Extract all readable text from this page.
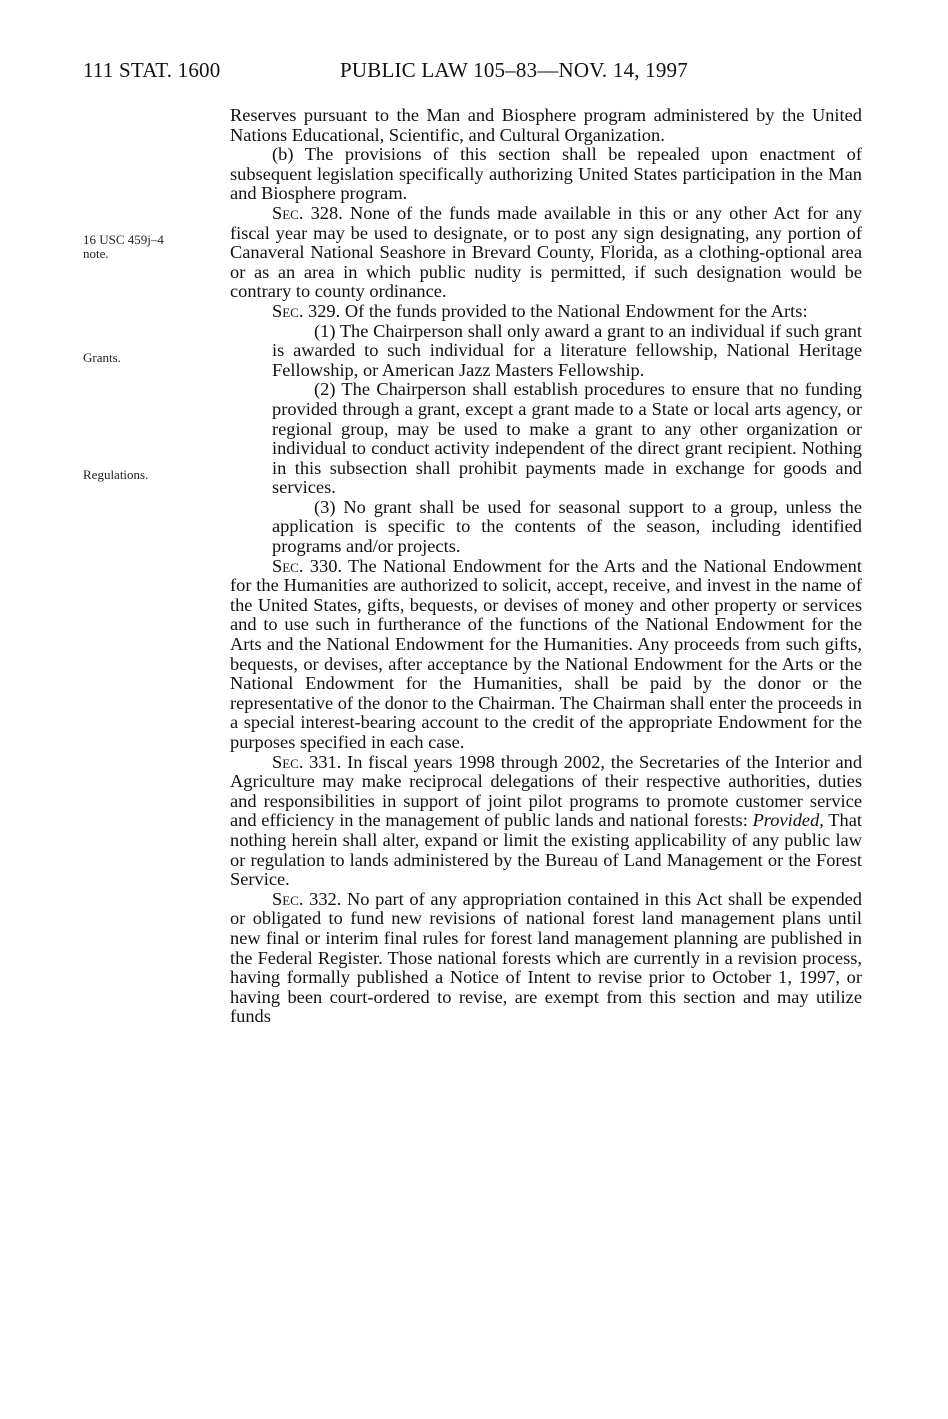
111 STAT. 1600	PUBLIC LAW 105–83—NOV. 14, 1997
16 USC 459j–4
note.
Grants.
Regulations.

Reserves pursuant to the Man and Biosphere program administered by the United Nations Educational, Scientific, and Cultural Organization.

(b) The provisions of this section shall be repealed upon enactment of subsequent legislation specifically authorizing United States participation in the Man and Biosphere program.

Sec. 328. None of the funds made available in this or any other Act for any fiscal year may be used to designate, or to post any sign designating, any portion of Canaveral National Seashore in Brevard County, Florida, as a clothing-optional area or as an area in which public nudity is permitted, if such designation would be contrary to county ordinance.

Sec. 329. Of the funds provided to the National Endowment for the Arts:

(1) The Chairperson shall only award a grant to an individual if such grant is awarded to such individual for a literature fellowship, National Heritage Fellowship, or American Jazz Masters Fellowship.

(2) The Chairperson shall establish procedures to ensure that no funding provided through a grant, except a grant made to a State or local arts agency, or regional group, may be used to make a grant to any other organization or individual to conduct activity independent of the direct grant recipient. Nothing in this subsection shall prohibit payments made in exchange for goods and services.

(3) No grant shall be used for seasonal support to a group, unless the application is specific to the contents of the season, including identified programs and/or projects.

Sec. 330. The National Endowment for the Arts and the National Endowment for the Humanities are authorized to solicit, accept, receive, and invest in the name of the United States, gifts, bequests, or devises of money and other property or services and to use such in furtherance of the functions of the National Endowment for the Arts and the National Endowment for the Humanities. Any proceeds from such gifts, bequests, or devises, after acceptance by the National Endowment for the Arts or the National Endowment for the Humanities, shall be paid by the donor or the representative of the donor to the Chairman. The Chairman shall enter the proceeds in a special interest-bearing account to the credit of the appropriate Endowment for the purposes specified in each case.

Sec. 331. In fiscal years 1998 through 2002, the Secretaries of the Interior and Agriculture may make reciprocal delegations of their respective authorities, duties and responsibilities in support of joint pilot programs to promote customer service and efficiency in the management of public lands and national forests: Provided, That nothing herein shall alter, expand or limit the existing applicability of any public law or regulation to lands administered by the Bureau of Land Management or the Forest Service.

Sec. 332. No part of any appropriation contained in this Act shall be expended or obligated to fund new revisions of national forest land management plans until new final or interim final rules for forest land management planning are published in the Federal Register. Those national forests which are currently in a revision process, having formally published a Notice of Intent to revise prior to October 1, 1997, or having been court-ordered to revise, are exempt from this section and may utilize funds
